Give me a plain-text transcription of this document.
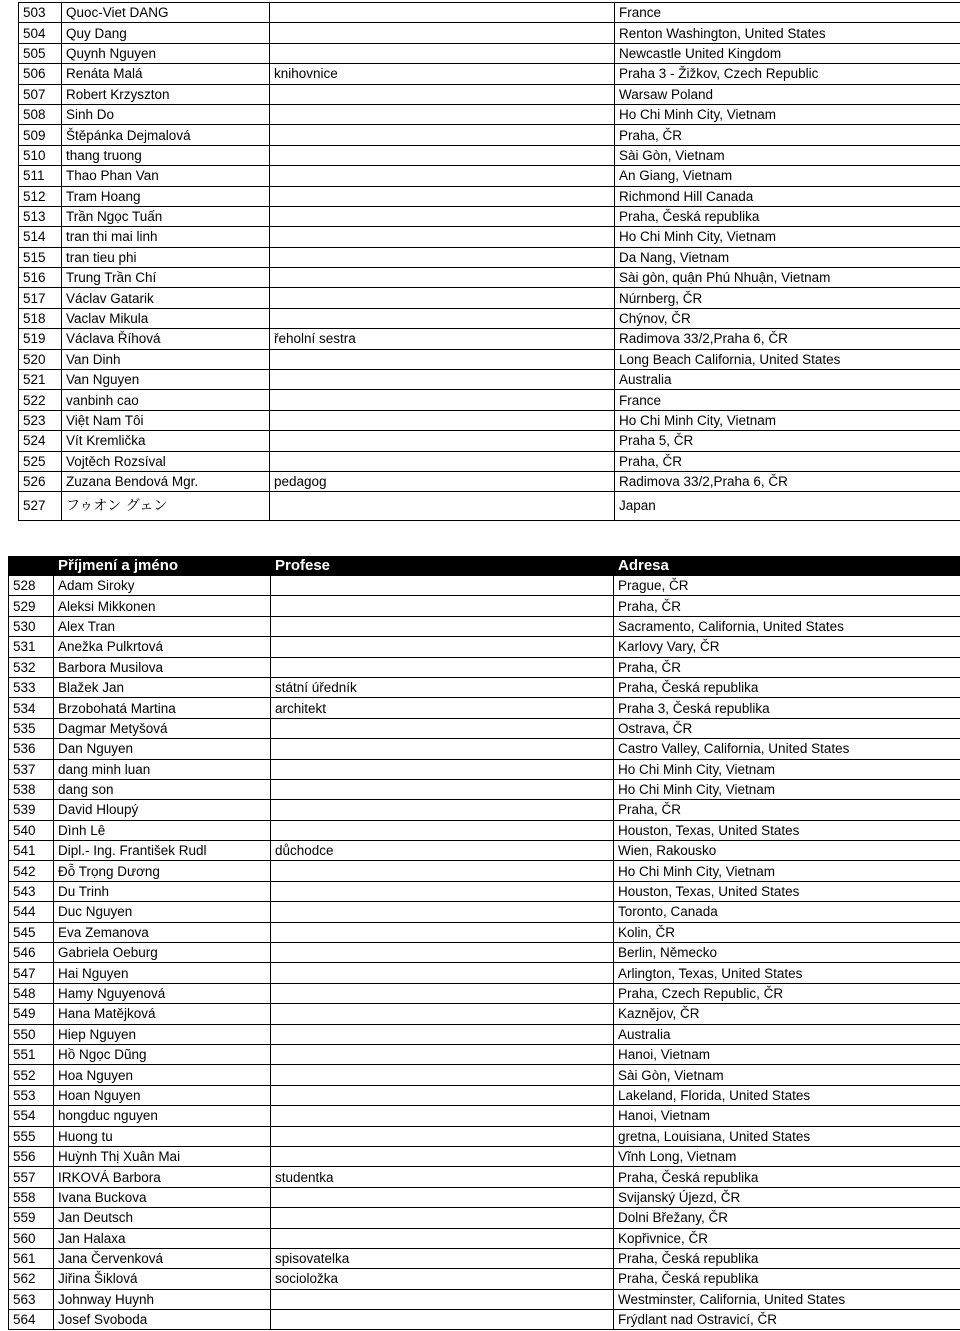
503	Quoc-Viet DANG		France
504	Quy Dang		Renton Washington, United States
505	Quynh Nguyen		Newcastle United Kingdom
506	Renáta Malá	knihovnice	Praha 3 - Žižkov, Czech Republic
507	Robert Krzyszton		Warsaw Poland
508	Sinh Do		Ho Chi Minh City, Vietnam
509	Štěpánka Dejmalová		Praha, ČR
510	thang truong		Sài Gòn, Vietnam
511	Thao Phan Van		An Giang, Vietnam
512	Tram Hoang		Richmond Hill Canada
513	Trần Ngọc Tuấn		Praha, Česká republika
514	tran thi mai linh		Ho Chi Minh City, Vietnam
515	tran tieu phi		Da Nang, Vietnam
516	Trung Trần Chí		Sài gòn, quận Phú Nhuận, Vietnam
517	Václav Gatarik		Núrnberg, ČR
518	Vaclav Mikula		Chýnov, ČR
519	Václava Říhová	řeholní sestra	Radimova 33/2,Praha 6, ČR
520	Van Dinh		Long Beach California, United States
521	Van Nguyen		Australia
522	vanbinh cao		France
523	Việt Nam Tôi		Ho Chi Minh City, Vietnam
524	Vít Kremlička		Praha 5, ČR
525	Vojtěch Rozsíval		Praha, ČR
526	Zuzana Bendová Mgr.	pedagog	Radimova 33/2,Praha 6, ČR
527	フゥオン グェン		Japan
	Příjmení a jméno	Profese	Adresa
528	Adam Siroky		Prague, ČR
529	Aleksi Mikkonen		Praha, ČR
530	Alex Tran		Sacramento, California, United States
531	Anežka Pulkrtová		Karlovy Vary, ČR
532	Barbora Musilova		Praha, ČR
533	Blažek Jan	státní úředník	Praha, Česká republika
534	Brzobohatá Martina	architekt	Praha 3, Česká republika
535	Dagmar Metyšová		Ostrava, ČR
536	Dan Nguyen		Castro Valley, California, United States
537	dang minh luan		Ho Chi Minh City, Vietnam
538	dang son		Ho Chi Minh City, Vietnam
539	David Hloupý		Praha, ČR
540	Dình Lê		Houston, Texas, United States
541	Dipl.- Ing. František Rudl	důchodce	Wien, Rakousko
542	Đỗ Trọng Dương		Ho Chi Minh City, Vietnam
543	Du Trinh		Houston, Texas, United States
544	Duc Nguyen		Toronto, Canada
545	Eva Zemanova		Kolin, ČR
546	Gabriela Oeburg		Berlin, Německo
547	Hai Nguyen		Arlington, Texas, United States
548	Hamy Nguyenová		Praha, Czech Republic, ČR
549	Hana Matějková		Kaznějov, ČR
550	Hiep Nguyen		Australia
551	Hồ Ngọc Dũng		Hanoi, Vietnam
552	Hoa Nguyen		Sài Gòn, Vietnam
553	Hoan Nguyen		Lakeland, Florida, United States
554	hongduc nguyen		Hanoi, Vietnam
555	Huong tu		gretna, Louisiana, United States
556	Huỳnh Thị Xuân Mai		Vĩnh Long, Vietnam
557	IRKOVÁ Barbora	studentka	Praha, Česká republika
558	Ivana Buckova		Svijanský Újezd, ČR
559	Jan Deutsch		Dolni Břežany, ČR
560	Jan Halaxa		Kopřivnice, ČR
561	Jana Červenková	spisovatelka	Praha, Česká republika
562	Jiřina Šiklová	socioložka	Praha, Česká republika
563	Johnway Huynh		Westminster, California, United States
564	Josef Svoboda		Frýdlant nad Ostravicí, ČR
